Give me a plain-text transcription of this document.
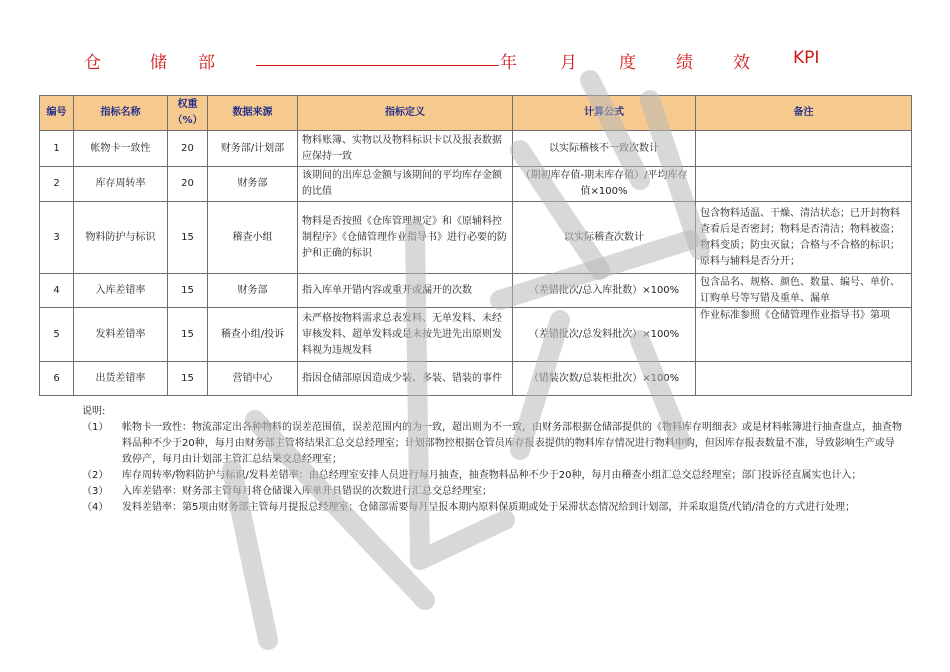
仓	储 部	年	月 度 绩 效	KPI
编号	指标名称	权重（%）	数据来源	指标定义	计算公式	备注
1	帐物卡一致性	20	财务部/计划部	物料账簿、实物以及物料标识卡以及报表数据应保持一致	以实际稽核不一致次数计	
2	库存周转率	20	财务部	该期间的出库总金额与该期间的平均库存金额的比值	（期初库存值-期末库存值）/平均库存值×100%	
3	物料防护与标识	15	稽查小组	物料是否按照《仓库管理规定》和《原辅料控制程序》《仓储管理作业指导书》进行必要的防护和正确的标识	以实际稽查次数计	包含物料适温、干燥、清洁状态；已开封物料查看后是否密封；物料是否清洁；物料被盗；物料变质；防虫灭鼠；合格与不合格的标识；原料与辅料是否分开；
4	入库差错率	15	财务部	指入库单开错内容或重开或漏开的次数	（差错批次/总入库批数）×100%	包含品名、规格、颜色、数量、编号、单价、订购单号等写错及重单、漏单
5	发料差错率	15	稽查小组/投诉	未严格按物料需求总表发料、无单发料、未经审核发料、超单发料或是未按先进先出原则发料视为违规发料	（差错批次/总发料批次）×100%	作业标准参照《仓储管理作业指导书》第项
6	出货差错率	15	营销中心	指因仓储部原因造成少装、多装、错装的事件	（错装次数/总装柜批次）×100%	
说明:
（1） 帐物卡一致性：物流部定出各种物料的误差范围值，误差范围内的为一致，超出则为不一致，由财务部根据仓储部提供的《物料库存明细表》或是材料帐簿进行抽查盘点，抽查物料品种不少于20种，每月由财务部主管将结果汇总交总经理室；计划部物控根据仓管员库存报表提供的物料库存情况进行物料申购，但因库存报表数量不准，导致影响生产或导致停产，每月由计划部主管汇总结果交总经理室；
（2） 库存周转率/物料防护与标识/发料差错率：由总经理室安排人员进行每月抽查，抽查物料品种不少于20种，每月由稽查小组汇总交总经理室；部门投诉径直属实也计入；
（3） 入库差错率：财务部主管每月将仓储课入库单开具错误的次数进行汇总交总经理室；
（4） 发料差错率：第5项由财务部主管每月提报总经理室；仓储部需要每月呈报本期内原料保质期或处于呆滞状态情况给到计划部，并采取退货/代销/清仓的方式进行处理；
